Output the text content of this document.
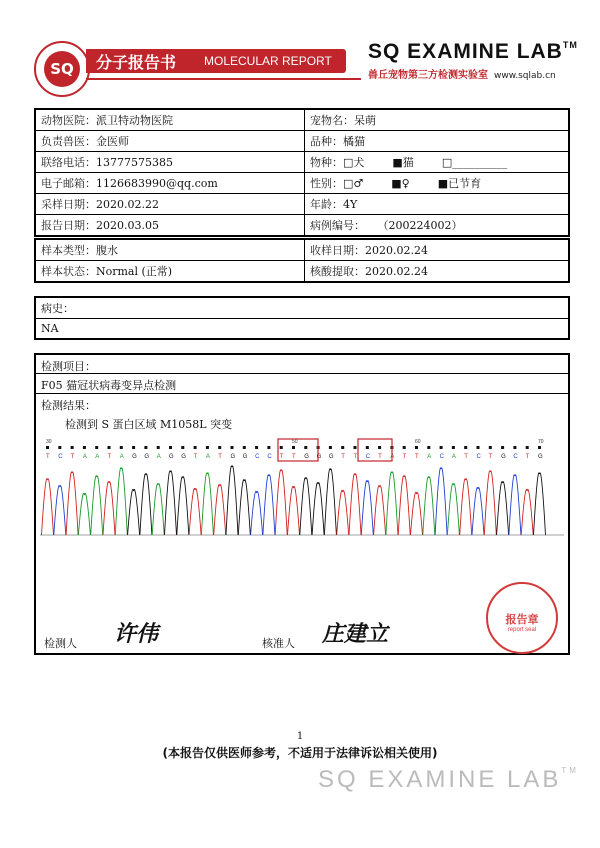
SQ	分子报告书 MOLECULAR REPORT SQ EXAMINE LAB™
兽丘宠物第三方检测实验室 www.sqlab.cn
动物医院：派卫特动物医院	宠物名：呆萌
负责兽医：金医师	品种：橘猫
联络电话：13777575385	物种：□犬 ■猫 □__________
电子邮箱：1126683990@qq.com	性别：□♂ ■♀ ■已节育
采样日期：2020.02.22	年龄：4Y
报告日期：2020.03.05	病例编号： （200224002）
样本类型：腹水	收样日期：2020.02.24
样本状态：Normal (正常)	核酸提取：2020.02.24
病史：
NA
检测项目：
F05 猫冠状病毒变异点检测
检测结果：
检测到 S 蛋白区域 M1058L 突变
30	50	60	70
T C T A A T A G G A G G T A T G G C C T T G G G T T C T A T T A C A T C T G C T G
检测人 许伟	核准人 庄建立
报告章
report seal
1
(本报告仅供医师参考，不适用于法律诉讼相关使用)
SQ EXAMINE LAB™
